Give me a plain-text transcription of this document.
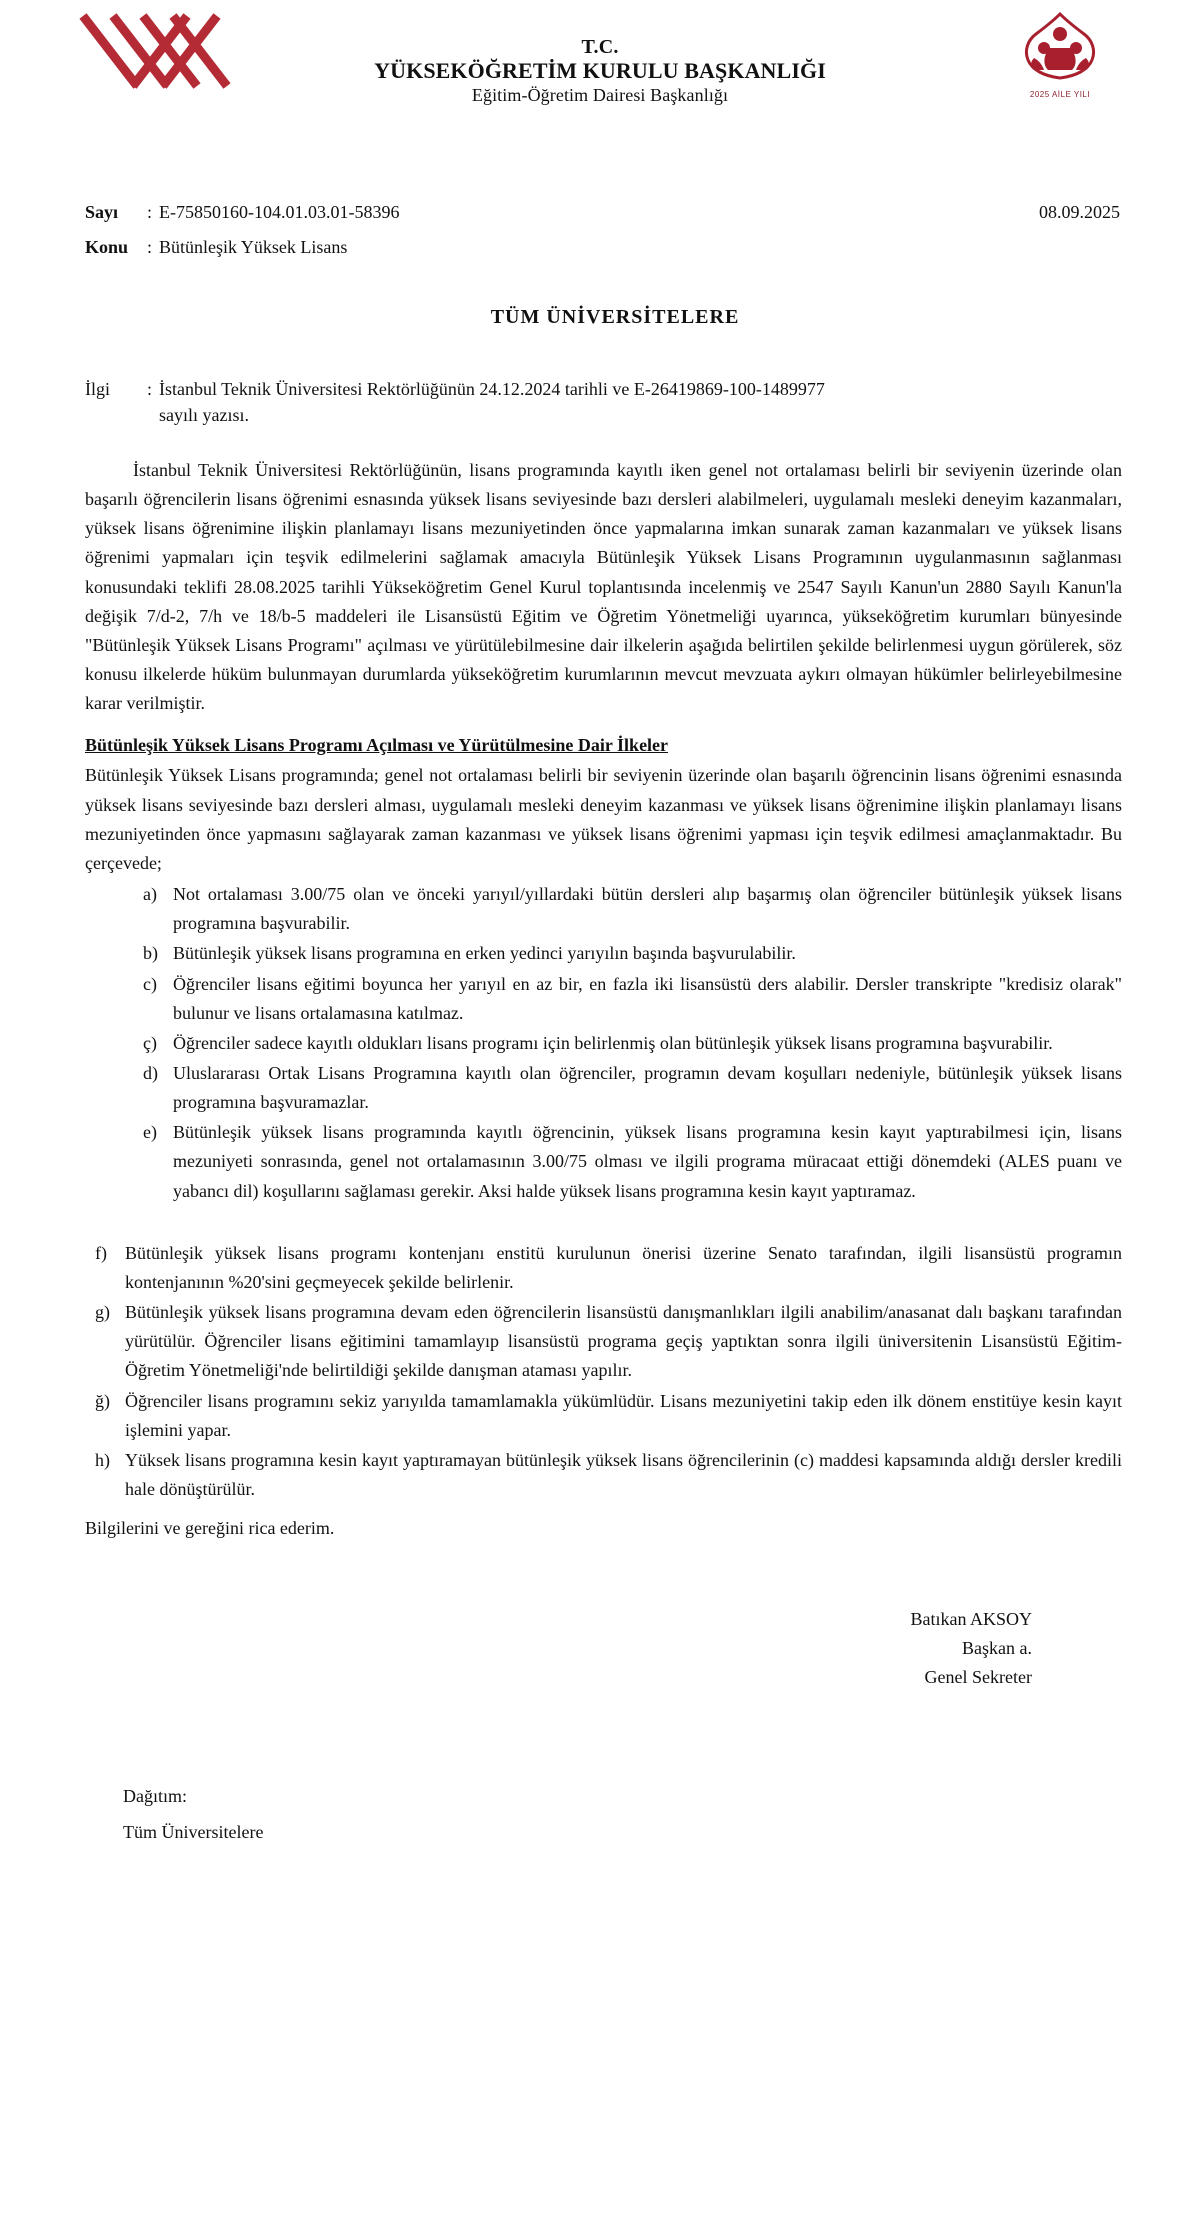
T.C.
YÜKSEKÖĞRETİM KURULU BAŞKANLIĞI
Eğitim-Öğretim Dairesi Başkanlığı	2025 AİLE YILI
Sayı	: E-75850160-104.01.03.01-58396	08.09.2025
Konu	: Bütünleşik Yüksek Lisans
TÜM ÜNİVERSİTELERE
İlgi	: İstanbul Teknik Üniversitesi Rektörlüğünün 24.12.2024 tarihli ve E-26419869-100-1489977
sayılı yazısı.

İstanbul Teknik Üniversitesi Rektörlüğünün, lisans programında kayıtlı iken genel not ortalaması belirli bir seviyenin üzerinde olan başarılı öğrencilerin lisans öğrenimi esnasında yüksek lisans seviyesinde bazı dersleri alabilmeleri, uygulamalı mesleki deneyim kazanmaları, yüksek lisans öğrenimine ilişkin planlamayı lisans mezuniyetinden önce yapmalarına imkan sunarak zaman kazanmaları ve yüksek lisans öğrenimi yapmaları için teşvik edilmelerini sağlamak amacıyla Bütünleşik Yüksek Lisans Programının uygulanmasının sağlanması konusundaki teklifi 28.08.2025 tarihli Yükseköğretim Genel Kurul toplantısında incelenmiş ve 2547 Sayılı Kanun'un 2880 Sayılı Kanun'la değişik 7/d-2, 7/h ve 18/b-5 maddeleri ile Lisansüstü Eğitim ve Öğretim Yönetmeliği uyarınca, yükseköğretim kurumları bünyesinde "Bütünleşik Yüksek Lisans Programı" açılması ve yürütülebilmesine dair ilkelerin aşağıda belirtilen şekilde belirlenmesi uygun görülerek, söz konusu ilkelerde hüküm bulunmayan durumlarda yükseköğretim kurumlarının mevcut mevzuata aykırı olmayan hükümler belirleyebilmesine karar verilmiştir.

Bütünleşik Yüksek Lisans Programı Açılması ve Yürütülmesine Dair İlkeler

Bütünleşik Yüksek Lisans programında; genel not ortalaması belirli bir seviyenin üzerinde olan başarılı öğrencinin lisans öğrenimi esnasında yüksek lisans seviyesinde bazı dersleri alması, uygulamalı mesleki deneyim kazanması ve yüksek lisans öğrenimine ilişkin planlamayı lisans mezuniyetinden önce yapmasını sağlayarak zaman kazanması ve yüksek lisans öğrenimi yapması için teşvik edilmesi amaçlanmaktadır. Bu çerçevede;

a) Not ortalaması 3.00/75 olan ve önceki yarıyıl/yıllardaki bütün dersleri alıp başarmış olan öğrenciler bütünleşik yüksek lisans programına başvurabilir.
b) Bütünleşik yüksek lisans programına en erken yedinci yarıyılın başında başvurulabilir.
c) Öğrenciler lisans eğitimi boyunca her yarıyıl en az bir, en fazla iki lisansüstü ders alabilir. Dersler transkripte "kredisiz olarak" bulunur ve lisans ortalamasına katılmaz.
ç) Öğrenciler sadece kayıtlı oldukları lisans programı için belirlenmiş olan bütünleşik yüksek lisans programına başvurabilir.
d) Uluslararası Ortak Lisans Programına kayıtlı olan öğrenciler, programın devam koşulları nedeniyle, bütünleşik yüksek lisans programına başvuramazlar.
e) Bütünleşik yüksek lisans programında kayıtlı öğrencinin, yüksek lisans programına kesin kayıt yaptırabilmesi için, lisans mezuniyeti sonrasında, genel not ortalamasının 3.00/75 olması ve ilgili programa müracaat ettiği dönemdeki (ALES puanı ve yabancı dil) koşullarını sağlaması gerekir. Aksi halde yüksek lisans programına kesin kayıt yaptıramaz.
f)	Bütünleşik yüksek lisans programı kontenjanı enstitü kurulunun önerisi üzerine Senato tarafından, ilgili lisansüstü programın kontenjanının %20'sini geçmeyecek şekilde belirlenir.
g) Bütünleşik yüksek lisans programına devam eden öğrencilerin lisansüstü danışmanlıkları ilgili anabilim/anasanat dalı başkanı tarafından yürütülür. Öğrenciler lisans eğitimini tamamlayıp lisansüstü programa geçiş yaptıktan sonra ilgili üniversitenin Lisansüstü Eğitim-Öğretim Yönetmeliği'nde belirtildiği şekilde danışman ataması yapılır.
ğ) Öğrenciler lisans programını sekiz yarıyılda tamamlamakla yükümlüdür. Lisans mezuniyetini takip eden ilk dönem enstitüye kesin kayıt işlemini yapar.
h) Yüksek lisans programına kesin kayıt yaptıramayan bütünleşik yüksek lisans öğrencilerinin (c) maddesi kapsamında aldığı dersler kredili hale dönüştürülür.
Bilgilerini ve gereğini rica ederim.
Batıkan AKSOY
Başkan a.
Genel Sekreter
Dağıtım:
Tüm Üniversitelere
